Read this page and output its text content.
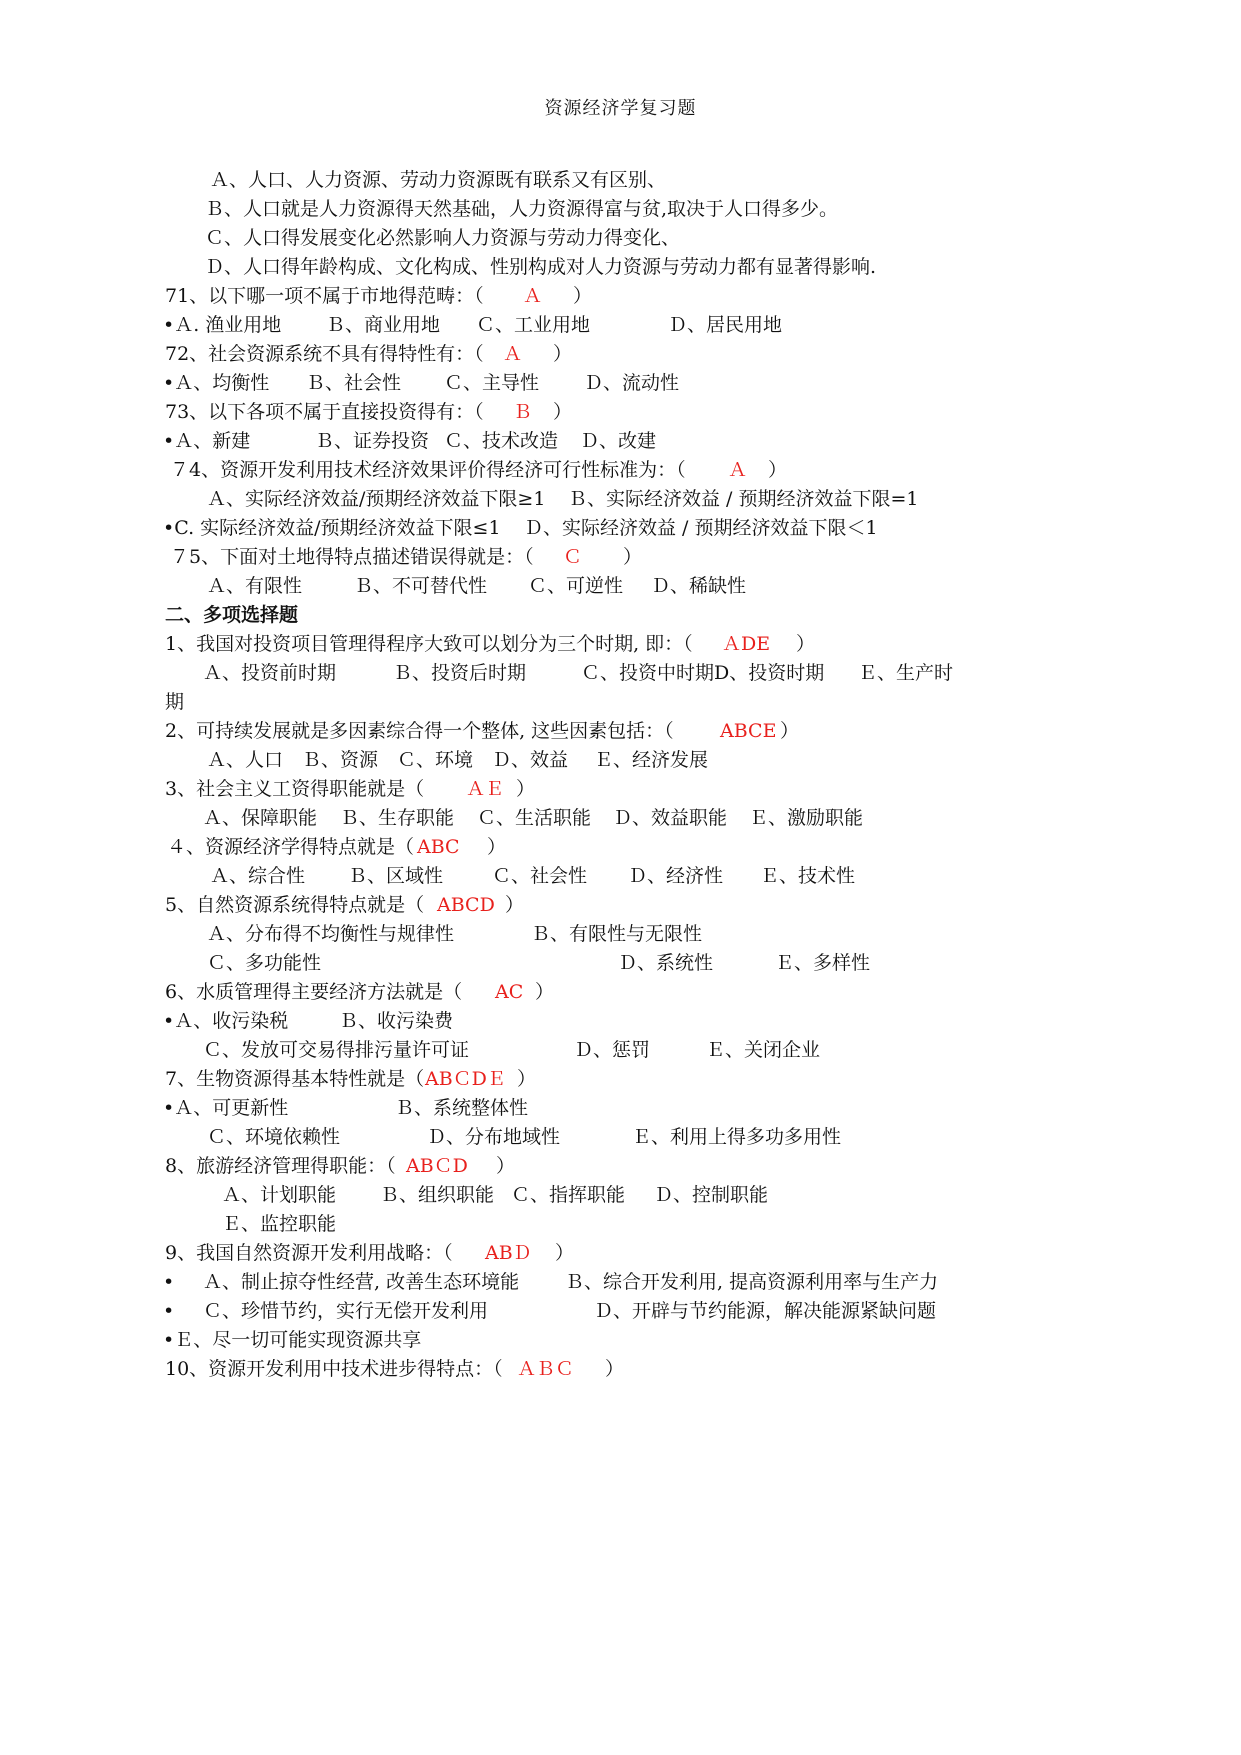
资源经济学复习题
Ａ、人口、人力资源、劳动力资源既有联系又有区别、
Ｂ、人口就是人力资源得天然基础，人力资源得富与贫,取决于人口得多少。
Ｃ、人口得发展变化必然影响人力资源与劳动力得变化、
Ｄ、人口得年龄构成、文化构成、性别构成对人力资源与劳动力都有显著得影响.
71、以下哪一项不属于市地得范畴：（ Ａ ）
•Ａ. 渔业用地 Ｂ、商业用地 Ｃ、工业用地	Ｄ、居民用地
72、社会资源系统不具有得特性有：（ Ａ ）
•Ａ、均衡性 Ｂ、社会性 Ｃ、主导性 Ｄ、流动性
73、以下各项不属于直接投资得有：（ Ｂ ）
•Ａ、新建	Ｂ、证券投资 Ｃ、技术改造 Ｄ、改建
７4、资源开发利用技术经济效果评价得经济可行性标准为：（ Ａ ）
Ａ、实际经济效益/预期经济效益下限≥1 Ｂ、实际经济效益 / 预期经济效益下限=1
•C. 实际经济效益/预期经济效益下限≤1 Ｄ、实际经济效益 / 预期经济效益下限＜1
７5、下面对土地得特点描述错误得就是：（ Ｃ ）
Ａ、有限性	Ｂ、不可替代性 Ｃ、可逆性 Ｄ、稀缺性
二、多项选择题
1、我国对投资项目管理得程序大致可以划分为三个时期, 即：（ ＡDE ）
Ａ、投资前时期	Ｂ、投资后时期	Ｃ、投资中时期D、投资时期 Ｅ、生产时
期
2、可持续发展就是多因素综合得一个整体, 这些因素包括：（ ABCE ）
Ａ、人口　Ｂ、资源　Ｃ、环境　Ｄ、效益 Ｅ、经济发展
3、社会主义工资得职能就是（ ＡＥ ）
Ａ、保障职能 Ｂ、生存职能 Ｃ、生活职能 Ｄ、效益职能 Ｅ、激励职能
４、资源经济学得特点就是（ ABC ）
Ａ、综合性 Ｂ、区域性	Ｃ、社会性 Ｄ、经济性 Ｅ、技术性
5、自然资源系统得特点就是（ ABCD ）
Ａ、分布得不均衡性与规律性	Ｂ、有限性与无限性
Ｃ、多功能性	Ｄ、系统性	Ｅ、多样性
6、水质管理得主要经济方法就是（ AC ）
•Ａ、收污染税	Ｂ、收污染费
Ｃ、发放可交易得排污量许可证	Ｄ、惩罚	Ｅ、关闭企业
7、生物资源得基本特性就是（ ABＣDＥ ）
•Ａ、可更新性	Ｂ、系统整体性
Ｃ、环境依赖性	Ｄ、分布地域性	Ｅ、利用上得多功多用性
8、旅游经济管理得职能：（ ABＣD ）
Ａ、计划职能 Ｂ、组织职能 Ｃ、指挥职能 Ｄ、控制职能
Ｅ、监控职能
9、我国自然资源开发利用战略：（ ABＤ ）
• Ａ、制止掠夺性经营, 改善生态环境能 Ｂ、综合开发利用, 提高资源利用率与生产力
• Ｃ、珍惜节约，实行无偿开发利用	Ｄ、开辟与节约能源，解决能源紧缺问题
•Ｅ、尽一切可能实现资源共享
10、资源开发利用中技术进步得特点：（ ＡＢＣ ）
